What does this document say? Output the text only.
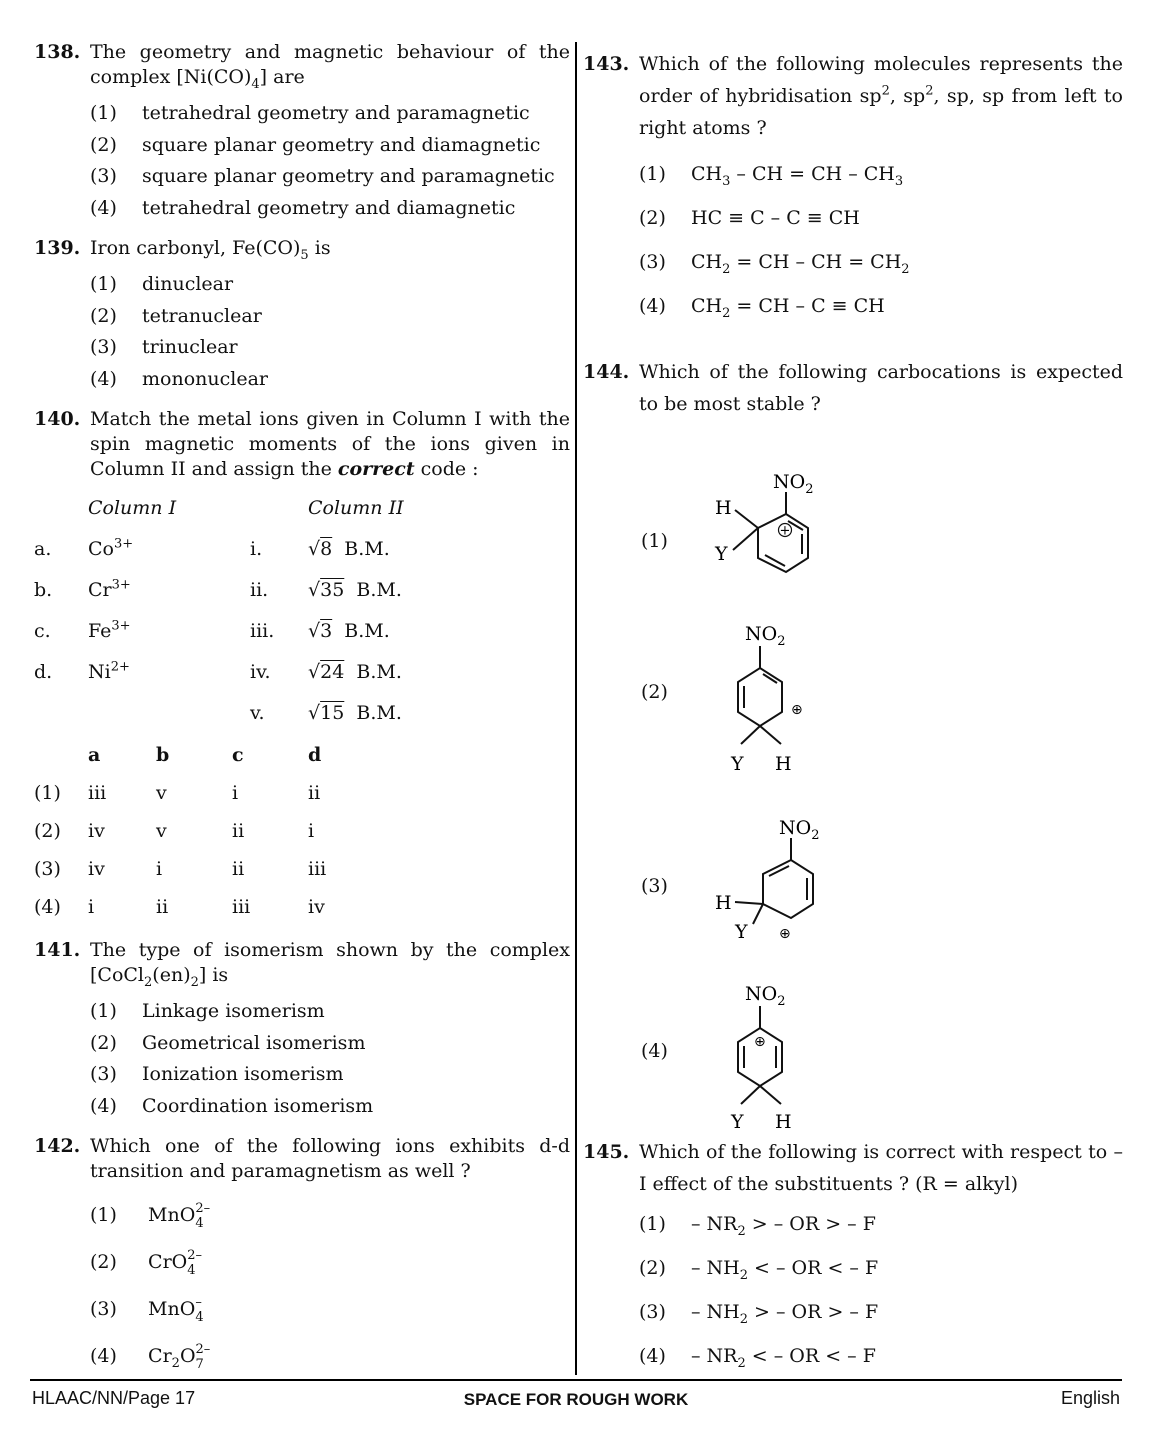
138. The geometry and magnetic behaviour of the complex $[Ni(CO)_4]$ are
(1) tetrahedral geometry and paramagnetic
(2) square planar geometry and diamagnetic
(3) square planar geometry and paramagnetic
(4) tetrahedral geometry and diamagnetic
139. Iron carbonyl, $Fe(CO)_5$ is
(1) dinuclear
(2) tetranuclear
(3) trinuclear
(4) mononuclear
140. Match the metal ions given in Column I with the spin magnetic moments of the ions given in Column II and assign the correct code :
	Column I		Column II
a.	$Co^{3+}$	i.	√8 B.M.
b.	$Cr^{3+}$	ii.	√35 B.M.
c.	$Fe^{3+}$	iii.	√3 B.M.
d.	$Ni^{2+}$	iv.	√24 B.M.
		v.	√15 B.M.
	a	b	c	d
(1)	iii	v	i	ii
(2)	iv	v	ii	i
(3)	iv	i	ii	iii
(4)	i	ii	iii	iv
141. The type of isomerism shown by the complex $[CoCl_2(en)_2]$ is
(1) Linkage isomerism
(2) Geometrical isomerism
(3) Ionization isomerism
(4) Coordination isomerism
142. Which one of the following ions exhibits d-d transition and paramagnetism as well ?
(1) MnO2–
4
(2) CrO2–
4
(3) MnO–
4
(4) $Cr_2O2-$
7
143. Which of the following molecules represents the order of hybridisation $sp^2$, $sp^2$, sp, sp from left to right atoms ?
(1) $CH_3$ – CH = CH – $CH_3$
(2) HC ≡ C – C ≡ CH
(3) $CH_2$ = CH – CH = $CH_2$
(4) $CH_2$ = CH – C ≡ CH
144. Which of the following carbocations is expected to be most stable ?
(1)
$NO_2$
H
Y
+
(2)
$NO_2$
⊕
Y H
(3)
$NO_2$
H
Y ⊕
(4)
$NO_2$
⊕
Y H
145. Which of the following is correct with respect to – I effect of the substituents ? (R = alkyl)
$(1) - NR_2$ > – OR > – F
$(2) - NH_2$ < – OR < – F
$(3) - NH_2$ > – OR > – F
$(4) - NR_2$ < – OR < – F
HLAAC/NN/Page 17	SPACE FOR ROUGH WORK	English
